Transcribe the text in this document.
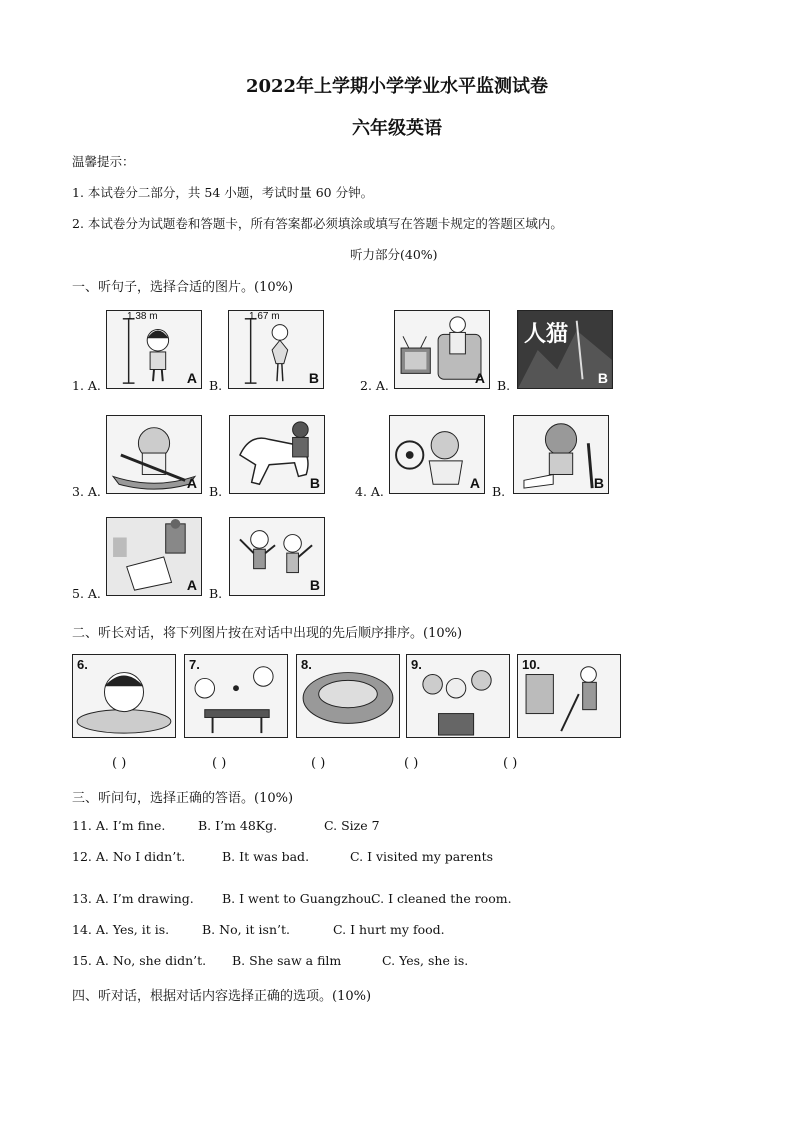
2022年上学期小学学业水平监测试卷
六年级英语
温馨提示：
1. 本试卷分二部分，共 54 小题，考试时量 60 分钟。
2. 本试卷分为试题卷和答题卡，所有答案都必须填涂或填写在答题卡规定的答题区域内。
听力部分(40%)
一、听句子，选择合适的图片。(10%)
1. A.
1.38 m
A B.
1.67 m
B	2. A.	A B.
人猫
B
3. A.
A
B.
B
4. A.
A
B.
B
5. A.
A
B.
B
二、听长对话，将下列图片按在对话中出现的先后顺序排序。(10%)
6.	7.	8.	9.	10.
( )	( )	( )	( )	( )
三、听问句，选择正确的答语。(10%)
11. A. I’m fine.	B. I’m 48Kg.	C. Size 7
12. A. No I didn’t.	B. It was bad.	C. I visited my parents
13. A. I’m drawing. B. I went to Guangzhou.
C. I cleaned the room.
14. A. Yes, it is.	B. No, it isn’t.	C. I hurt my food.
15. A. No, she didn’t. B. She saw a film	C. Yes, she is.
四、听对话，根据对话内容选择正确的选项。(10%)
